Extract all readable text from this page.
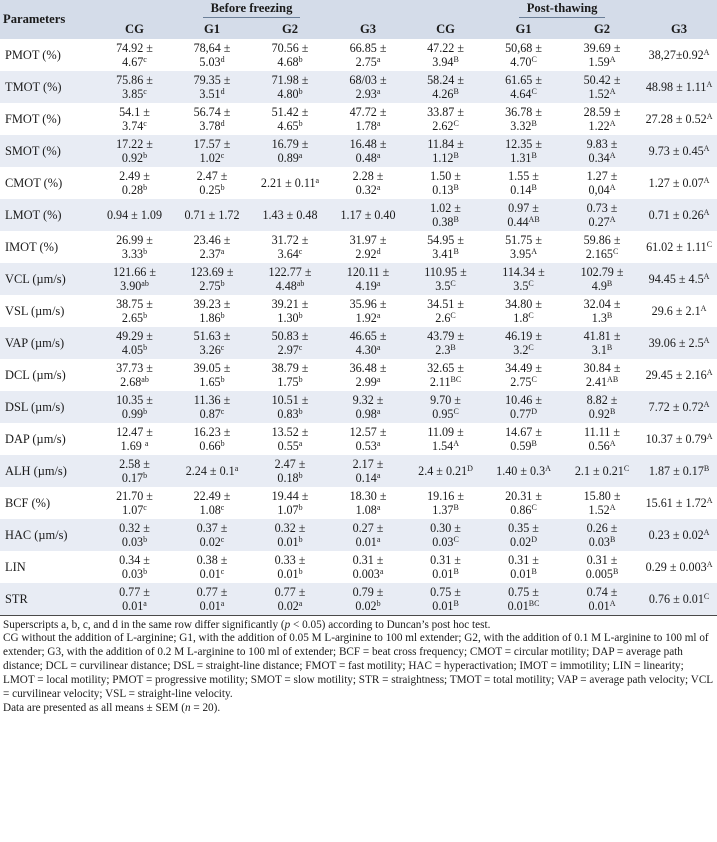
Parameters	Before freezing				Post-thawing			
	CG	G1	G2	G3	CG	G1	G2	G3
PMOT (%)	74.92 ±
4.67$^c$	78,64 ±
5.03$^d$	70.56 ±
4.68$^b$	66.85 ±
2.75$^a$	47.22 ±
$3.94^B$	50,68 ±
$4.70^C$	39.69 ±
$1.59^A$	$38,27\pm 0.92^A$
TMOT (%)	75.86 ±
3.85$^c$	79.35 ±
3.51$^d$	71.98 ±
4.80$^b$	68/03 ±
2.93$^a$	58.24 ±
$4.26^B$	61.65 ±
$4.64^C$	50.42 ±
$1.52^A$	$48.98 \pm 1.11^A$
FMOT (%)	54.1 ±
3.74$^c$	56.74 ±
3.78$^d$	51.42 ±
4.65$^b$	47.72 ±
1.78$^a$	33.87 ±
$2.62^C$	36.78 ±
$3.32^B$	28.59 ±
$1.22^A$	$27.28 \pm 0.52^A$
SMOT (%)	17.22 ±
0.92$^b$	17.57 ±
1.02$^c$	16.79 ±
0.89$^a$	16.48 ±
0.48$^a$	11.84 ±
$1.12^B$	12.35 ±
$1.31^B$	9.83 ±
$0.34^A$	$9.73 \pm 0.45^A$
CMOT (%)	2.49 ±
0.28$^b$	2.47 ±
0.25$^b$	2.21 ± 0.11$^a$	2.28 ±
0.32$^a$	1.50 ±
$0.13^B$	1.55 ±
$0.14^B$	1.27 ±
$0,04^A$	$1.27 \pm 0.07^A$
LMOT (%)	0.94 ± 1.09	0.71 ± 1.72	1.43 ± 0.48	1.17 ± 0.40	1.02 ±
$0.38^B$	0.97 ±
$0.44^{AB}$	0.73 ±
$0.27^A$	$0.71 \pm 0.26^A$
IMOT (%)	26.99 ±
3.33$^b$	23.46 ±
2.37$^a$	31.72 ±
3.64$^c$	31.97 ±
2.92$^d$	54.95 ±
$3.41^B$	51.75 ±
$3.95^A$	59.86 ±
$2.165^C$	$61.02 \pm 1.11^C$
VCL (µm/s)	121.66 ±
3.90$^{ab}$	123.69 ±
2.75$^b$	122.77 ±
4.48$^{ab}$	120.11 ±
4.19$^a$	110.95 ±
$3.5^C$	114.34 ±
$3.5^C$	102.79 ±
$4.9^B$	$94.45 \pm 4.5^A$
VSL (µm/s)	38.75 ±
2.65$^b$	39.23 ±
1.86$^b$	39.21 ±
1.30$^b$	35.96 ±
1.92$^a$	34.51 ±
$2.6^C$	34.80 ±
$1.8^C$	32.04 ±
$1.3^B$	$29.6 \pm 2.1^A$
VAP (µm/s)	49.29 ±
4.05$^b$	51.63 ±
3.26$^c$	50.83 ±
2.97$^c$	46.65 ±
4.30$^a$	43.79 ±
$2.3^B$	46.19 ±
$3.2^C$	41.81 ±
$3.1^B$	$39.06 \pm 2.5^A$
DCL (µm/s)	37.73 ±
2.68$^{ab}$	39.05 ±
1.65$^b$	38.79 ±
1.75$^b$	36.48 ±
2.99$^a$	32.65 ±
$2.11^{BC}$	34.49 ±
$2.75^C$	30.84 ±
$2.41^{AB}$	$29.45 \pm 2.16^A$
DSL (µm/s)	10.35 ±
0.99$^b$	11.36 ±
0.87$^c$	10.51 ±
0.83$^b$	9.32 ±
0.98$^a$	9.70 ±
$0.95^C$	10.46 ±
$0.77^D$	8.82 ±
$0.92^B$	$7.72 \pm 0.72^A$
DAP (µm/s)	12.47 ±
1.69 $^a$	16.23 ±
0.66$^b$	13.52 ±
0.55$^a$	12.57 ±
0.53$^a$	11.09 ±
$1.54^A$	14.67 ±
$0.59^B$	11.11 ±
$0.56^A$	$10.37 \pm 0.79^A$
ALH (µm/s)	2.58 ±
0.17$^b$	2.24 ± 0.1$^a$	2.47 ±
0.18$^b$	2.17 ±
0.14$^a$	$2.4 \pm 0.21^D$	$1.40 \pm 0.3^A$	$2.1 \pm 0.21^C$	$1.87 \pm 0.17^B$
BCF (%)	21.70 ±
1.07$^c$	22.49 ±
1.08$^c$	19.44 ±
1.07$^b$	18.30 ±
1.08$^a$	19.16 ±
$1.37^B$	20.31 ±
$0.86^C$	15.80 ±
$1.52^A$	$15.61 \pm 1.72^A$
HAC (µm/s)	0.32 ±
0.03$^b$	0.37 ±
0.02$^c$	0.32 ±
0.01$^b$	0.27 ±
0.01$^a$	0.30 ±
$0.03^C$	0.35 ±
$0.02^D$	0.26 ±
$0.03^B$	$0.23 \pm 0.02^A$
LIN	0.34 ±
0.03$^b$	0.38 ±
0.01$^c$	0.33 ±
0.01$^b$	0.31 ±
0.003$^a$	0.31 ±
$0.01^B$	0.31 ±
$0.01^B$	0.31 ±
$0.005^B$	$0.29 \pm 0.003^A$
STR	0.77 ±
0.01$^a$	0.77 ±
0.01$^a$	0.77 ±
0.02$^a$	0.79 ±
0.02$^b$	0.75 ±
$0.01^B$	0.75 ±
$0.01^{BC}$	0.74 ±
$0.01^A$	$0.76 \pm 0.01^C$

Superscripts a, b, c, and d in the same row differ significantly (p < 0.05) according to Duncan’s post hoc test.

CG without the addition of L-arginine; G1, with the addition of 0.05 M L-arginine to 100 ml extender; G2, with the addition of 0.1 M L-arginine to 100 ml of extender; G3, with the addition of 0.2 M L-arginine to 100 ml of extender; BCF = beat cross frequency; CMOT = circular motility; DAP = average path distance; DCL = curvilinear distance; DSL = straight-line distance; FMOT = fast motility; HAC = hyperactivation; IMOT = immotility; LIN = linearity; LMOT = local motility; PMOT = progressive motility; SMOT = slow motility; STR = straightness; TMOT = total motility; VAP = average path velocity; VCL = curvilinear velocity; VSL = straight-line velocity.

Data are presented as all means ± SEM (n = 20).
